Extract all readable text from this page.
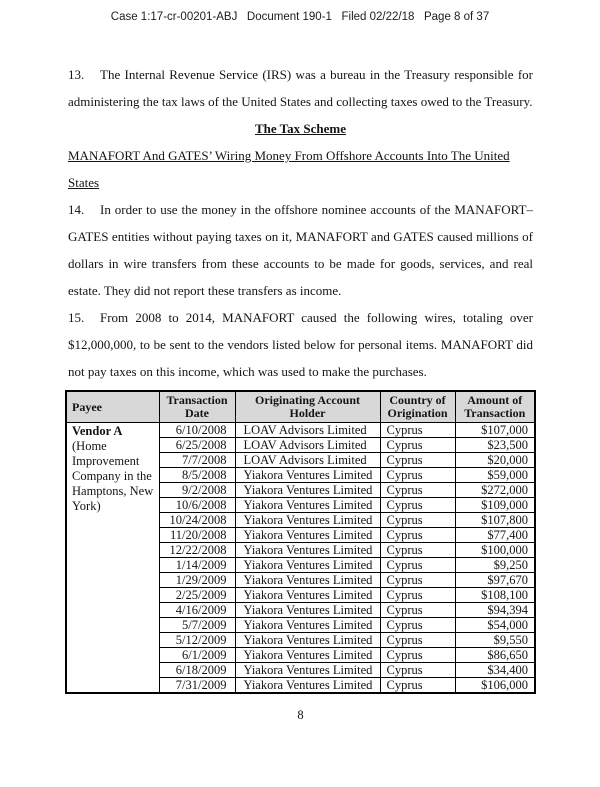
Case 1:17-cr-00201-ABJ   Document 190-1   Filed 02/22/18   Page 8 of 37

13. The Internal Revenue Service (IRS) was a bureau in the Treasury responsible for administering the tax laws of the United States and collecting taxes owed to the Treasury.

The Tax Scheme

MANAFORT And GATES’ Wiring Money From Offshore Accounts Into The United States

14. In order to use the money in the offshore nominee accounts of the MANAFORT–GATES entities without paying taxes on it, MANAFORT and GATES caused millions of dollars in wire transfers from these accounts to be made for goods, services, and real estate. They did not report these transfers as income.

15. From 2008 to 2014, MANAFORT caused the following wires, totaling over $12,000,000, to be sent to the vendors listed below for personal items. MANAFORT did not pay taxes on this income, which was used to make the purchases.

Payee	Transaction Date	Originating Account Holder	Country of Origination	Amount of Transaction

Vendor A
(Home Improvement Company in the Hamptons, New York)	6/10/2008	LOAV Advisors Limited	Cyprus	$107,000
	6/25/2008	LOAV Advisors Limited	Cyprus	$23,500
	7/7/2008	LOAV Advisors Limited	Cyprus	$20,000
	8/5/2008	Yiakora Ventures Limited	Cyprus	$59,000
	9/2/2008	Yiakora Ventures Limited	Cyprus	$272,000
	10/6/2008	Yiakora Ventures Limited	Cyprus	$109,000
	10/24/2008	Yiakora Ventures Limited	Cyprus	$107,800
	11/20/2008	Yiakora Ventures Limited	Cyprus	$77,400
	12/22/2008	Yiakora Ventures Limited	Cyprus	$100,000
	1/14/2009	Yiakora Ventures Limited	Cyprus	$9,250
	1/29/2009	Yiakora Ventures Limited	Cyprus	$97,670
	2/25/2009	Yiakora Ventures Limited	Cyprus	$108,100
	4/16/2009	Yiakora Ventures Limited	Cyprus	$94,394
	5/7/2009	Yiakora Ventures Limited	Cyprus	$54,000
	5/12/2009	Yiakora Ventures Limited	Cyprus	$9,550
	6/1/2009	Yiakora Ventures Limited	Cyprus	$86,650
	6/18/2009	Yiakora Ventures Limited	Cyprus	$34,400
	7/31/2009	Yiakora Ventures Limited	Cyprus	$106,000
8
